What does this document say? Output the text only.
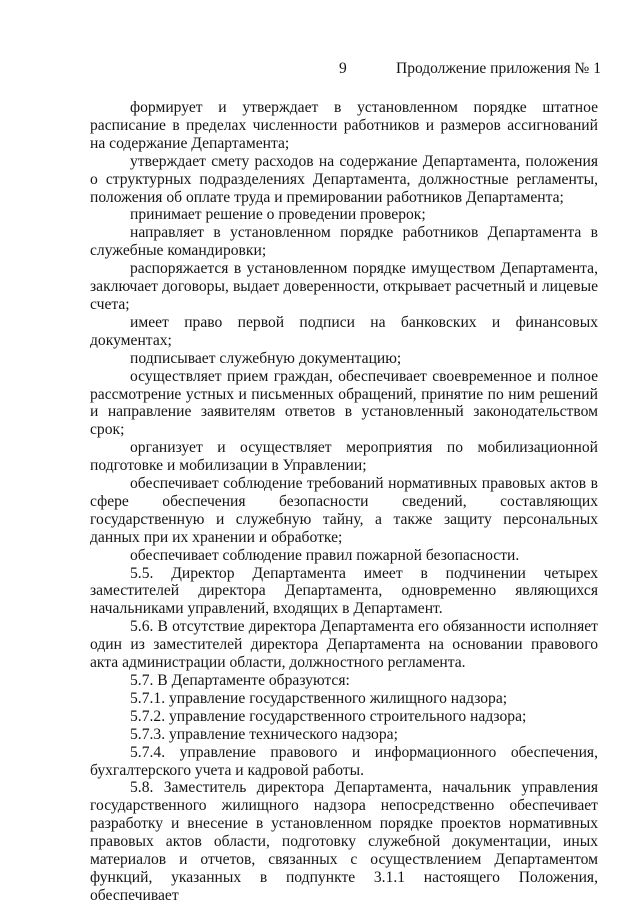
9	Продолжение приложения № 1

формирует и утверждает в установленном порядке штатное расписание в пределах численности работников и размеров ассигнований на содержание Департамента;

утверждает смету расходов на содержание Департамента, положения о структурных подразделениях Департамента, должностные регламенты, положения об оплате труда и премировании работников Департамента;

принимает решение о проведении проверок;

направляет в установленном порядке работников Департамента в служебные командировки;

распоряжается в установленном порядке имуществом Департамента, заключает договоры, выдает доверенности, открывает расчетный и лицевые счета;

имеет право первой подписи на банковских и финансовых документах;

подписывает служебную документацию;

осуществляет прием граждан, обеспечивает своевременное и полное рассмотрение устных и письменных обращений, принятие по ним решений и направление заявителям ответов в установленный законодательством срок;

организует и осуществляет мероприятия по мобилизационной подготовке и мобилизации в Управлении;

обеспечивает соблюдение требований нормативных правовых актов в сфере обеспечения безопасности сведений, составляющих государственную и служебную тайну, а также защиту персональных данных при их хранении и обработке;

обеспечивает соблюдение правил пожарной безопасности.

5.5. Директор Департамента имеет в подчинении четырех заместителей директора Департамента, одновременно являющихся начальниками управлений, входящих в Департамент.

5.6. В отсутствие директора Департамента его обязанности исполняет один из заместителей директора Департамента на основании правового акта администрации области, должностного регламента.

5.7. В Департаменте образуются:

5.7.1. управление государственного жилищного надзора;

5.7.2. управление государственного строительного надзора;

5.7.3. управление технического надзора;

5.7.4. управление правового и информационного обеспечения, бухгалтерского учета и кадровой работы.

5.8. Заместитель директора Департамента, начальник управления государственного жилищного надзора непосредственно обеспечивает разработку и внесение в установленном порядке проектов нормативных правовых актов области, подготовку служебной документации, иных материалов и отчетов, связанных с осуществлением Департаментом функций, указанных в подпункте 3.1.1 настоящего Положения, обеспечивает
